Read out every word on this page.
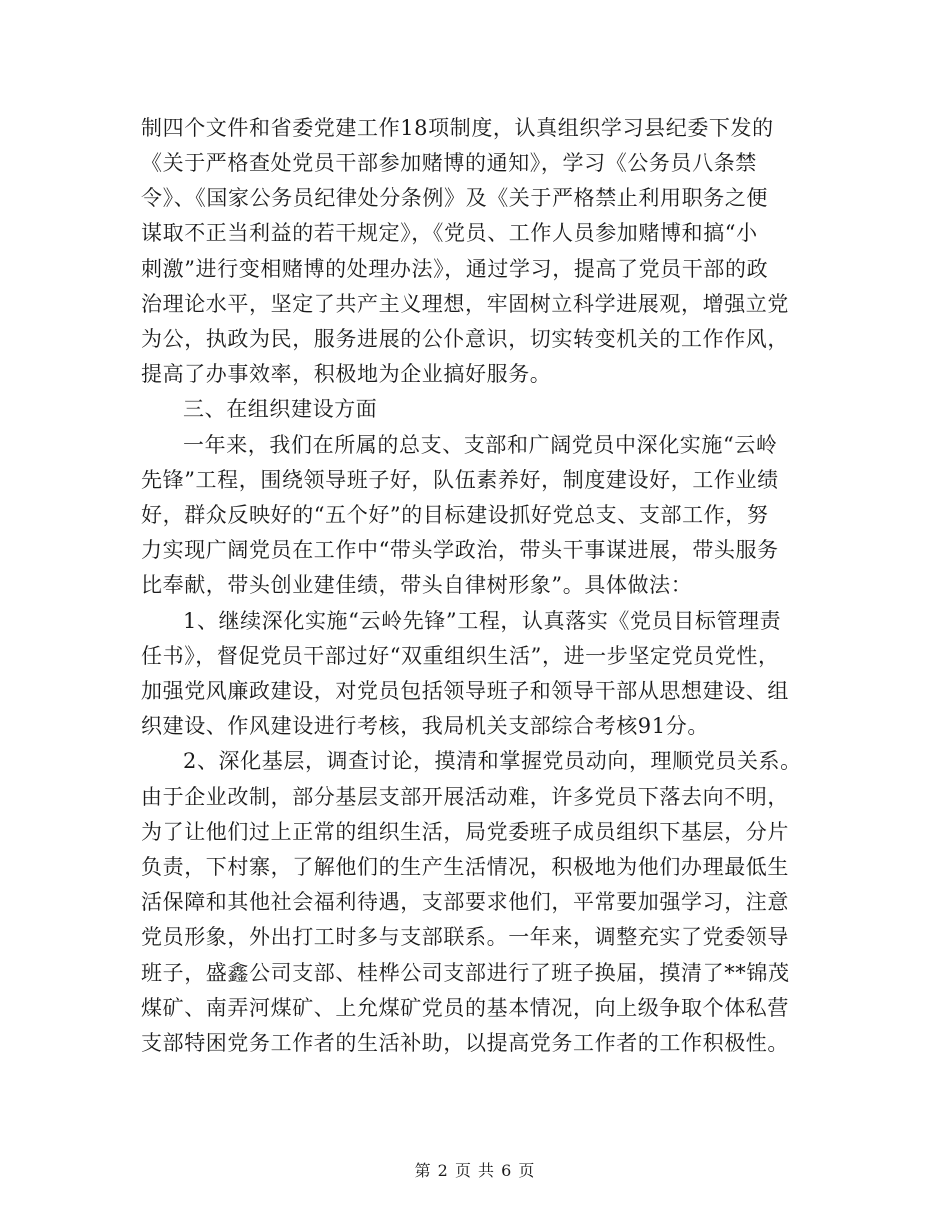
制四个文件和省委党建工作18项制度，认真组织学习县纪委下发的
《关于严格查处党员干部参加赌博的通知》，学习《公务员八条禁
令》、《国家公务员纪律处分条例》及《关于严格禁止利用职务之便
谋取不正当利益的若干规定》，《党员、工作人员参加赌博和搞“小
刺激”进行变相赌博的处理办法》，通过学习，提高了党员干部的政
治理论水平，坚定了共产主义理想，牢固树立科学进展观，增强立党
为公，执政为民，服务进展的公仆意识，切实转变机关的工作作风，
提高了办事效率，积极地为企业搞好服务。
三、在组织建设方面
一年来，我们在所属的总支、支部和广阔党员中深化实施“云岭
先锋”工程，围绕领导班子好，队伍素养好，制度建设好，工作业绩
好，群众反映好的“五个好”的目标建设抓好党总支、支部工作，努
力实现广阔党员在工作中“带头学政治，带头干事谋进展，带头服务
比奉献，带头创业建佳绩，带头自律树形象”。具体做法：
1、继续深化实施“云岭先锋”工程，认真落实《党员目标管理责
任书》，督促党员干部过好“双重组织生活”，进一步坚定党员党性，
加强党风廉政建设，对党员包括领导班子和领导干部从思想建设、组
织建设、作风建设进行考核，我局机关支部综合考核91分。
2、深化基层，调查讨论，摸清和掌握党员动向，理顺党员关系。
由于企业改制，部分基层支部开展活动难，许多党员下落去向不明，
为了让他们过上正常的组织生活，局党委班子成员组织下基层，分片
负责，下村寨，了解他们的生产生活情况，积极地为他们办理最低生
活保障和其他社会福利待遇，支部要求他们，平常要加强学习，注意
党员形象，外出打工时多与支部联系。一年来，调整充实了党委领导
班子，盛鑫公司支部、桂桦公司支部进行了班子换届，摸清了**锦茂
煤矿、南弄河煤矿、上允煤矿党员的基本情况，向上级争取个体私营
支部特困党务工作者的生活补助，以提高党务工作者的工作积极性。
第 2 页 共 6 页
